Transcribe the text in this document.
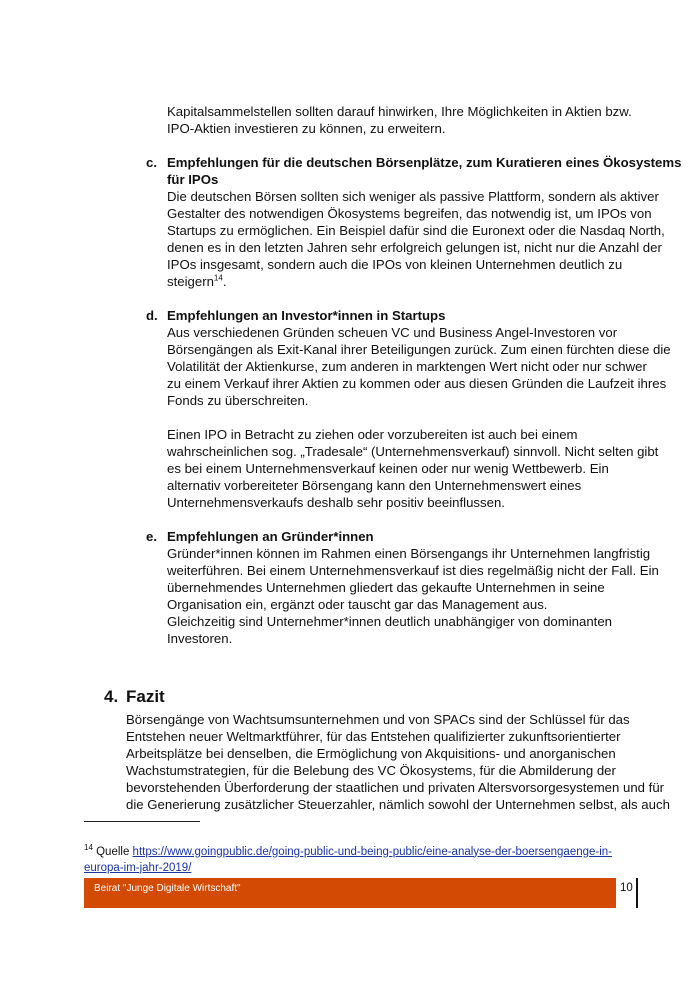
Kapitalsammelstellen sollten darauf hinwirken, Ihre Möglichkeiten in Aktien bzw.

IPO-Aktien investieren zu können, zu erweitern.

c. Empfehlungen für die deutschen Börsenplätze, zum Kuratieren eines Ökosystems

für IPOs

Die deutschen Börsen sollten sich weniger als passive Plattform, sondern als aktiver

Gestalter des notwendigen Ökosystems begreifen, das notwendig ist, um IPOs von

Startups zu ermöglichen. Ein Beispiel dafür sind die Euronext oder die Nasdaq North,

denen es in den letzten Jahren sehr erfolgreich gelungen ist, nicht nur die Anzahl der

IPOs insgesamt, sondern auch die IPOs von kleinen Unternehmen deutlich zu

steigern$^{14}$.

d. Empfehlungen an Investor*innen in Startups

Aus verschiedenen Gründen scheuen VC und Business Angel-Investoren vor

Börsengängen als Exit-Kanal ihrer Beteiligungen zurück. Zum einen fürchten diese die

Volatilität der Aktienkurse, zum anderen in marktengen Wert nicht oder nur schwer

zu einem Verkauf ihrer Aktien zu kommen oder aus diesen Gründen die Laufzeit ihres

Fonds zu überschreiten.

Einen IPO in Betracht zu ziehen oder vorzubereiten ist auch bei einem

wahrscheinlichen sog. „Tradesale“ (Unternehmensverkauf) sinnvoll. Nicht selten gibt

es bei einem Unternehmensverkauf keinen oder nur wenig Wettbewerb. Ein

alternativ vorbereiteter Börsengang kann den Unternehmenswert eines

Unternehmensverkaufs deshalb sehr positiv beeinflussen.

e. Empfehlungen an Gründer*innen

Gründer*innen können im Rahmen einen Börsengangs ihr Unternehmen langfristig

weiterführen. Bei einem Unternehmensverkauf ist dies regelmäßig nicht der Fall. Ein

übernehmendes Unternehmen gliedert das gekaufte Unternehmen in seine

Organisation ein, ergänzt oder tauscht gar das Management aus.

Gleichzeitig sind Unternehmer*innen deutlich unabhängiger von dominanten

Investoren.

4. Fazit

Börsengänge von Wachtsumsunternehmen und von SPACs sind der Schlüssel für das

Entstehen neuer Weltmarktführer, für das Entstehen qualifizierter zukunftsorientierter

Arbeitsplätze bei denselben, die Ermöglichung von Akquisitions- und anorganischen

Wachstumstrategien, für die Belebung des VC Ökosystems, für die Abmilderung der

bevorstehenden Überforderung der staatlichen und privaten Altersvorsorgesystemen und für

die Generierung zusätzlicher Steuerzahler, nämlich sowohl der Unternehmen selbst, als auch

$^{14}$ Quelle https://www.goingpublic.de/going-public-und-being-public/eine-analyse-der-boersengaenge-in-

europa-im-jahr-2019/

Beirat "Junge Digitale Wirtschaft"	10
